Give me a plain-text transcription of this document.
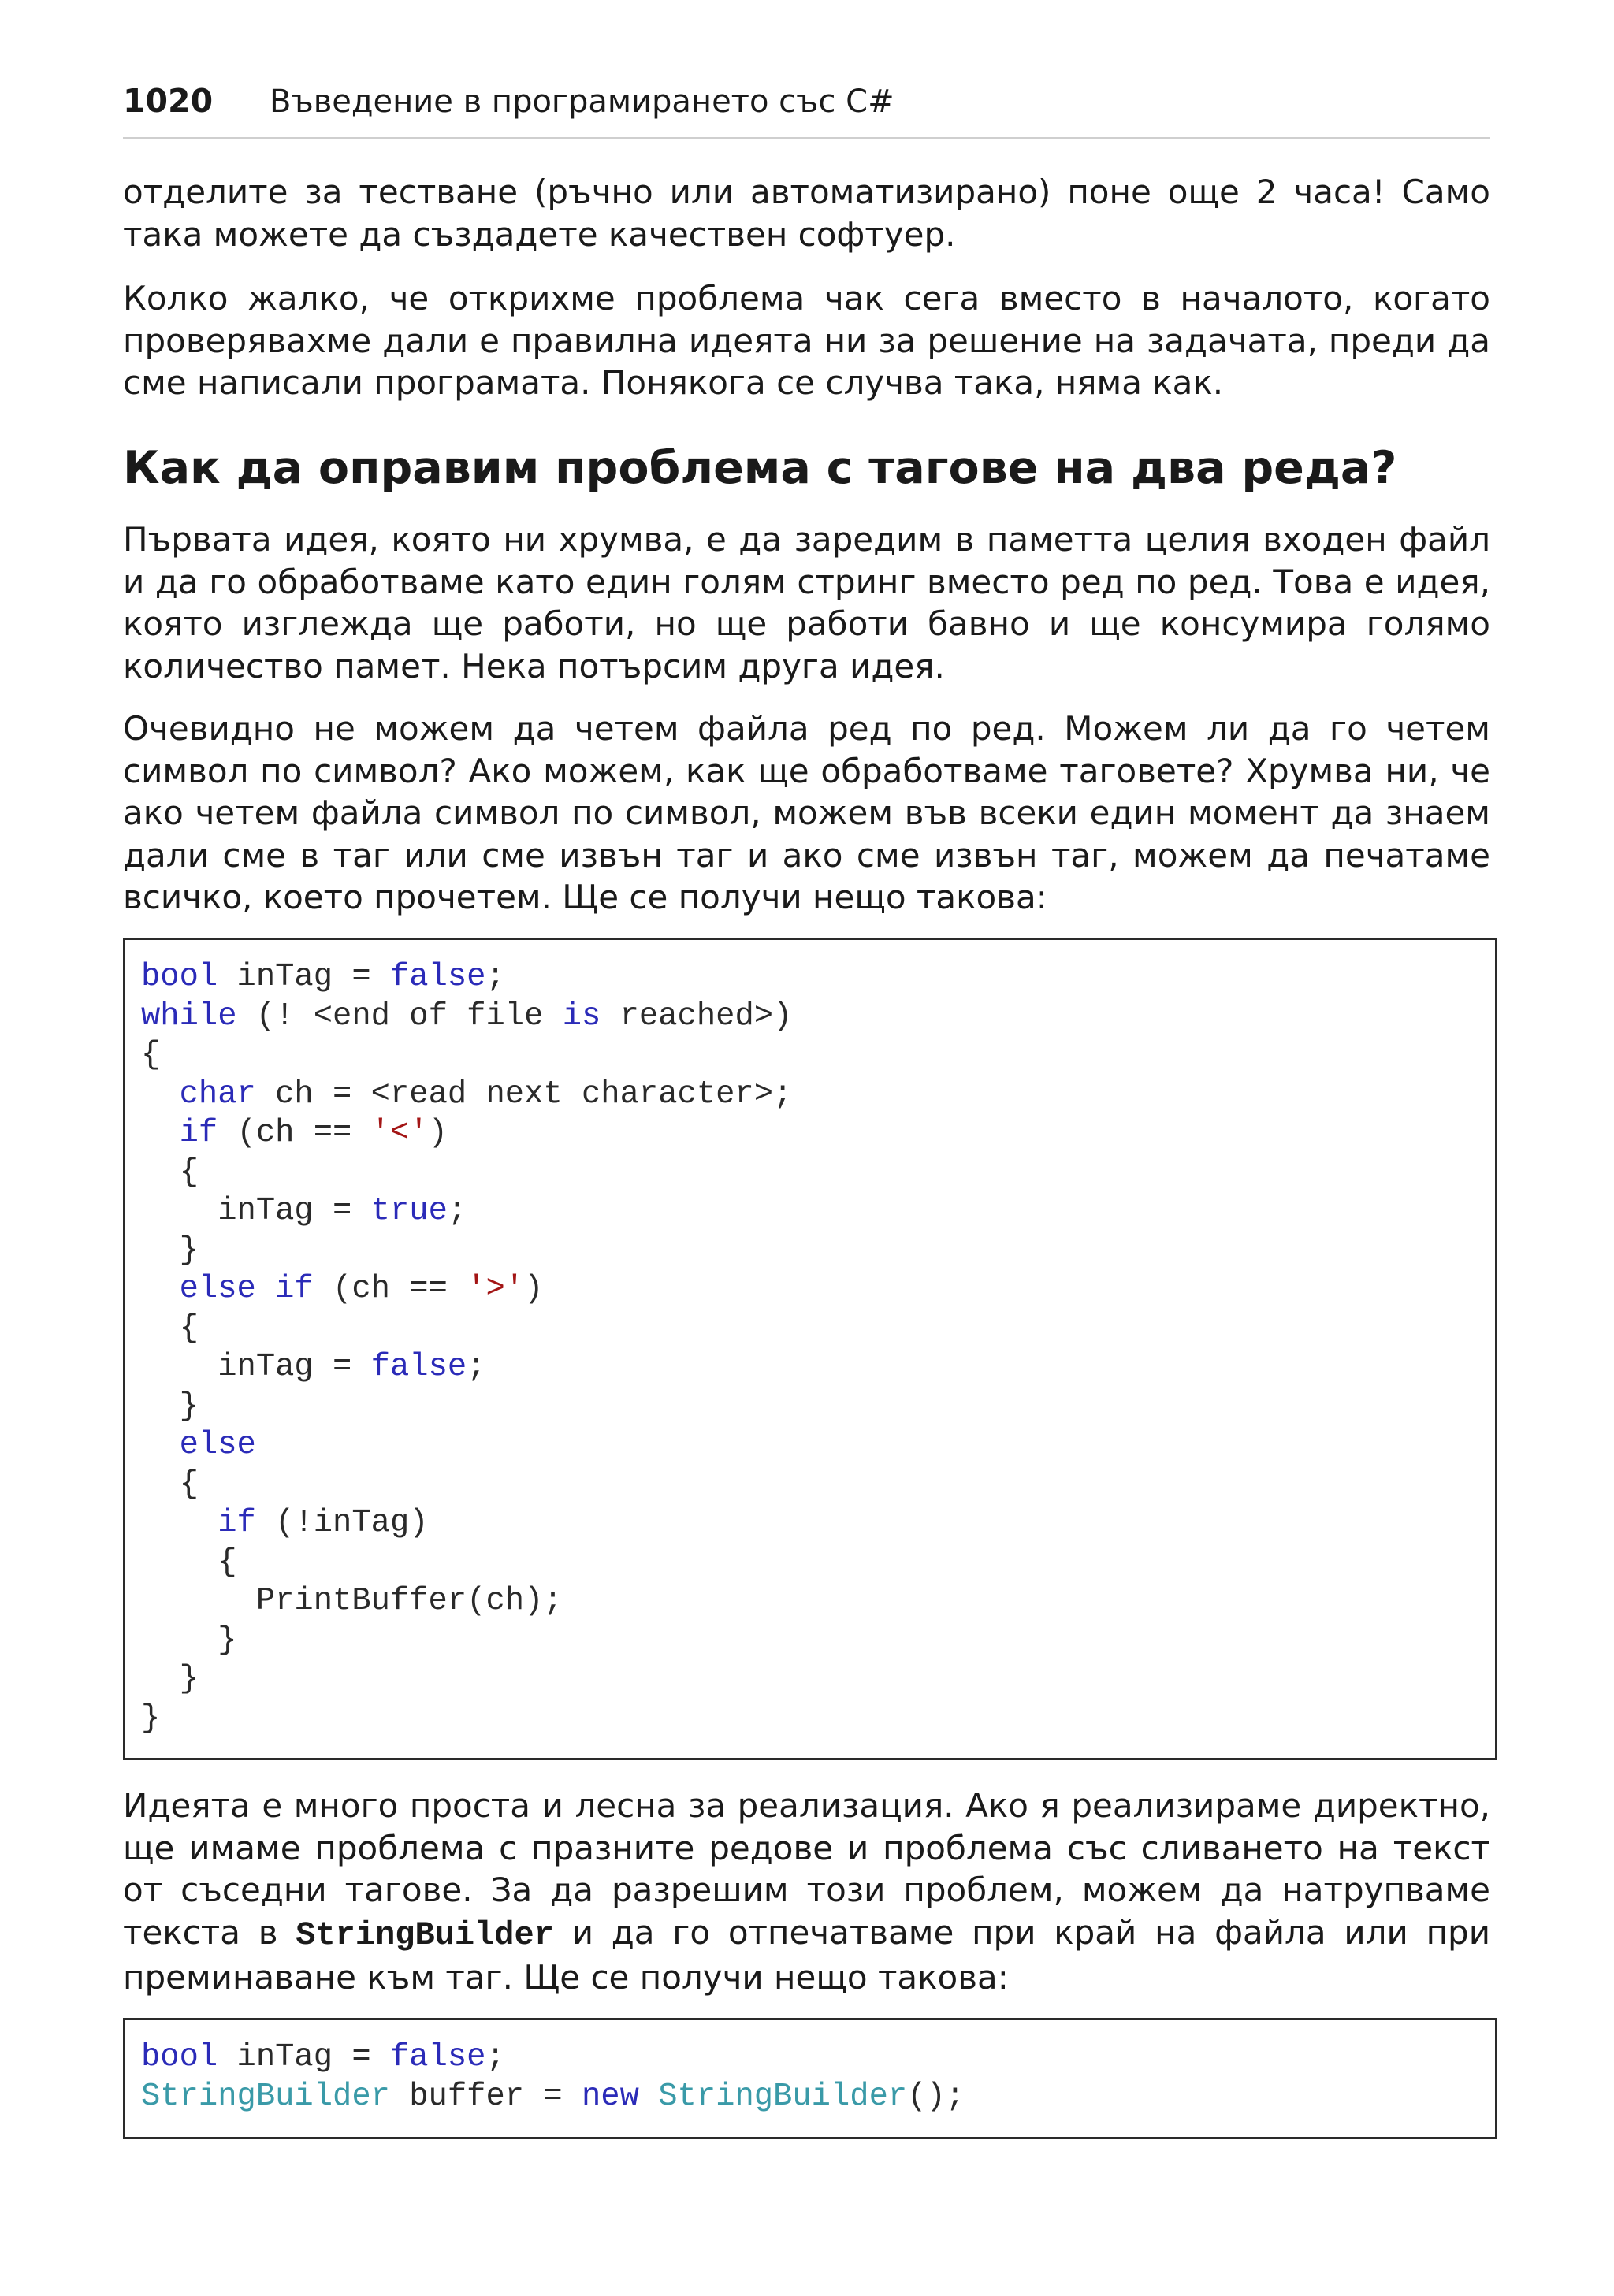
1020 Въведение в програмирането със C#

отделите за тестване (ръчно или автоматизирано) поне още 2 часа! Само така можете да създадете качествен софтуер.

Колко жалко, че открихме проблема чак сега вместо в началото, когато проверявахме дали е правилна идеята ни за решение на задачата, преди да сме написали програмата. Понякога се случва така, няма как.

Как да оправим проблема с тагове на два реда?

Първата идея, която ни хрумва, е да заредим в паметта целия входен файл и да го обработваме като един голям стринг вместо ред по ред. Това е идея, която изглежда ще работи, но ще работи бавно и ще консумира голямо количество памет. Нека потърсим друга идея.

Очевидно не можем да четем файла ред по ред. Можем ли да го четем символ по символ? Ако можем, как ще обработваме таговете? Хрумва ни, че ако четем файла символ по символ, можем във всеки един момент да знаем дали сме в таг или сме извън таг и ако сме извън таг, можем да печатаме всичко, което прочетем. Ще се получи нещо такова:

bool inTag = false;
while (! <end of file is reached>)
{
char ch = <read next character>;
if (ch == '<')
{
inTag = true;
}
else if (ch == '>')
{
inTag = false;
}
else
{
if (!inTag)
{
PrintBuffer(ch);
}
}
}

Идеята е много проста и лесна за реализация. Ако я реализираме директно, ще имаме проблема с празните редове и проблема със сливането на текст от съседни тагове. За да разрешим този проблем, можем да натрупваме текста в StringBuilder и да го отпечатваме при край на файла или при преминаване към таг. Ще се получи нещо такова:

bool inTag = false;
StringBuilder buffer = new StringBuilder();
